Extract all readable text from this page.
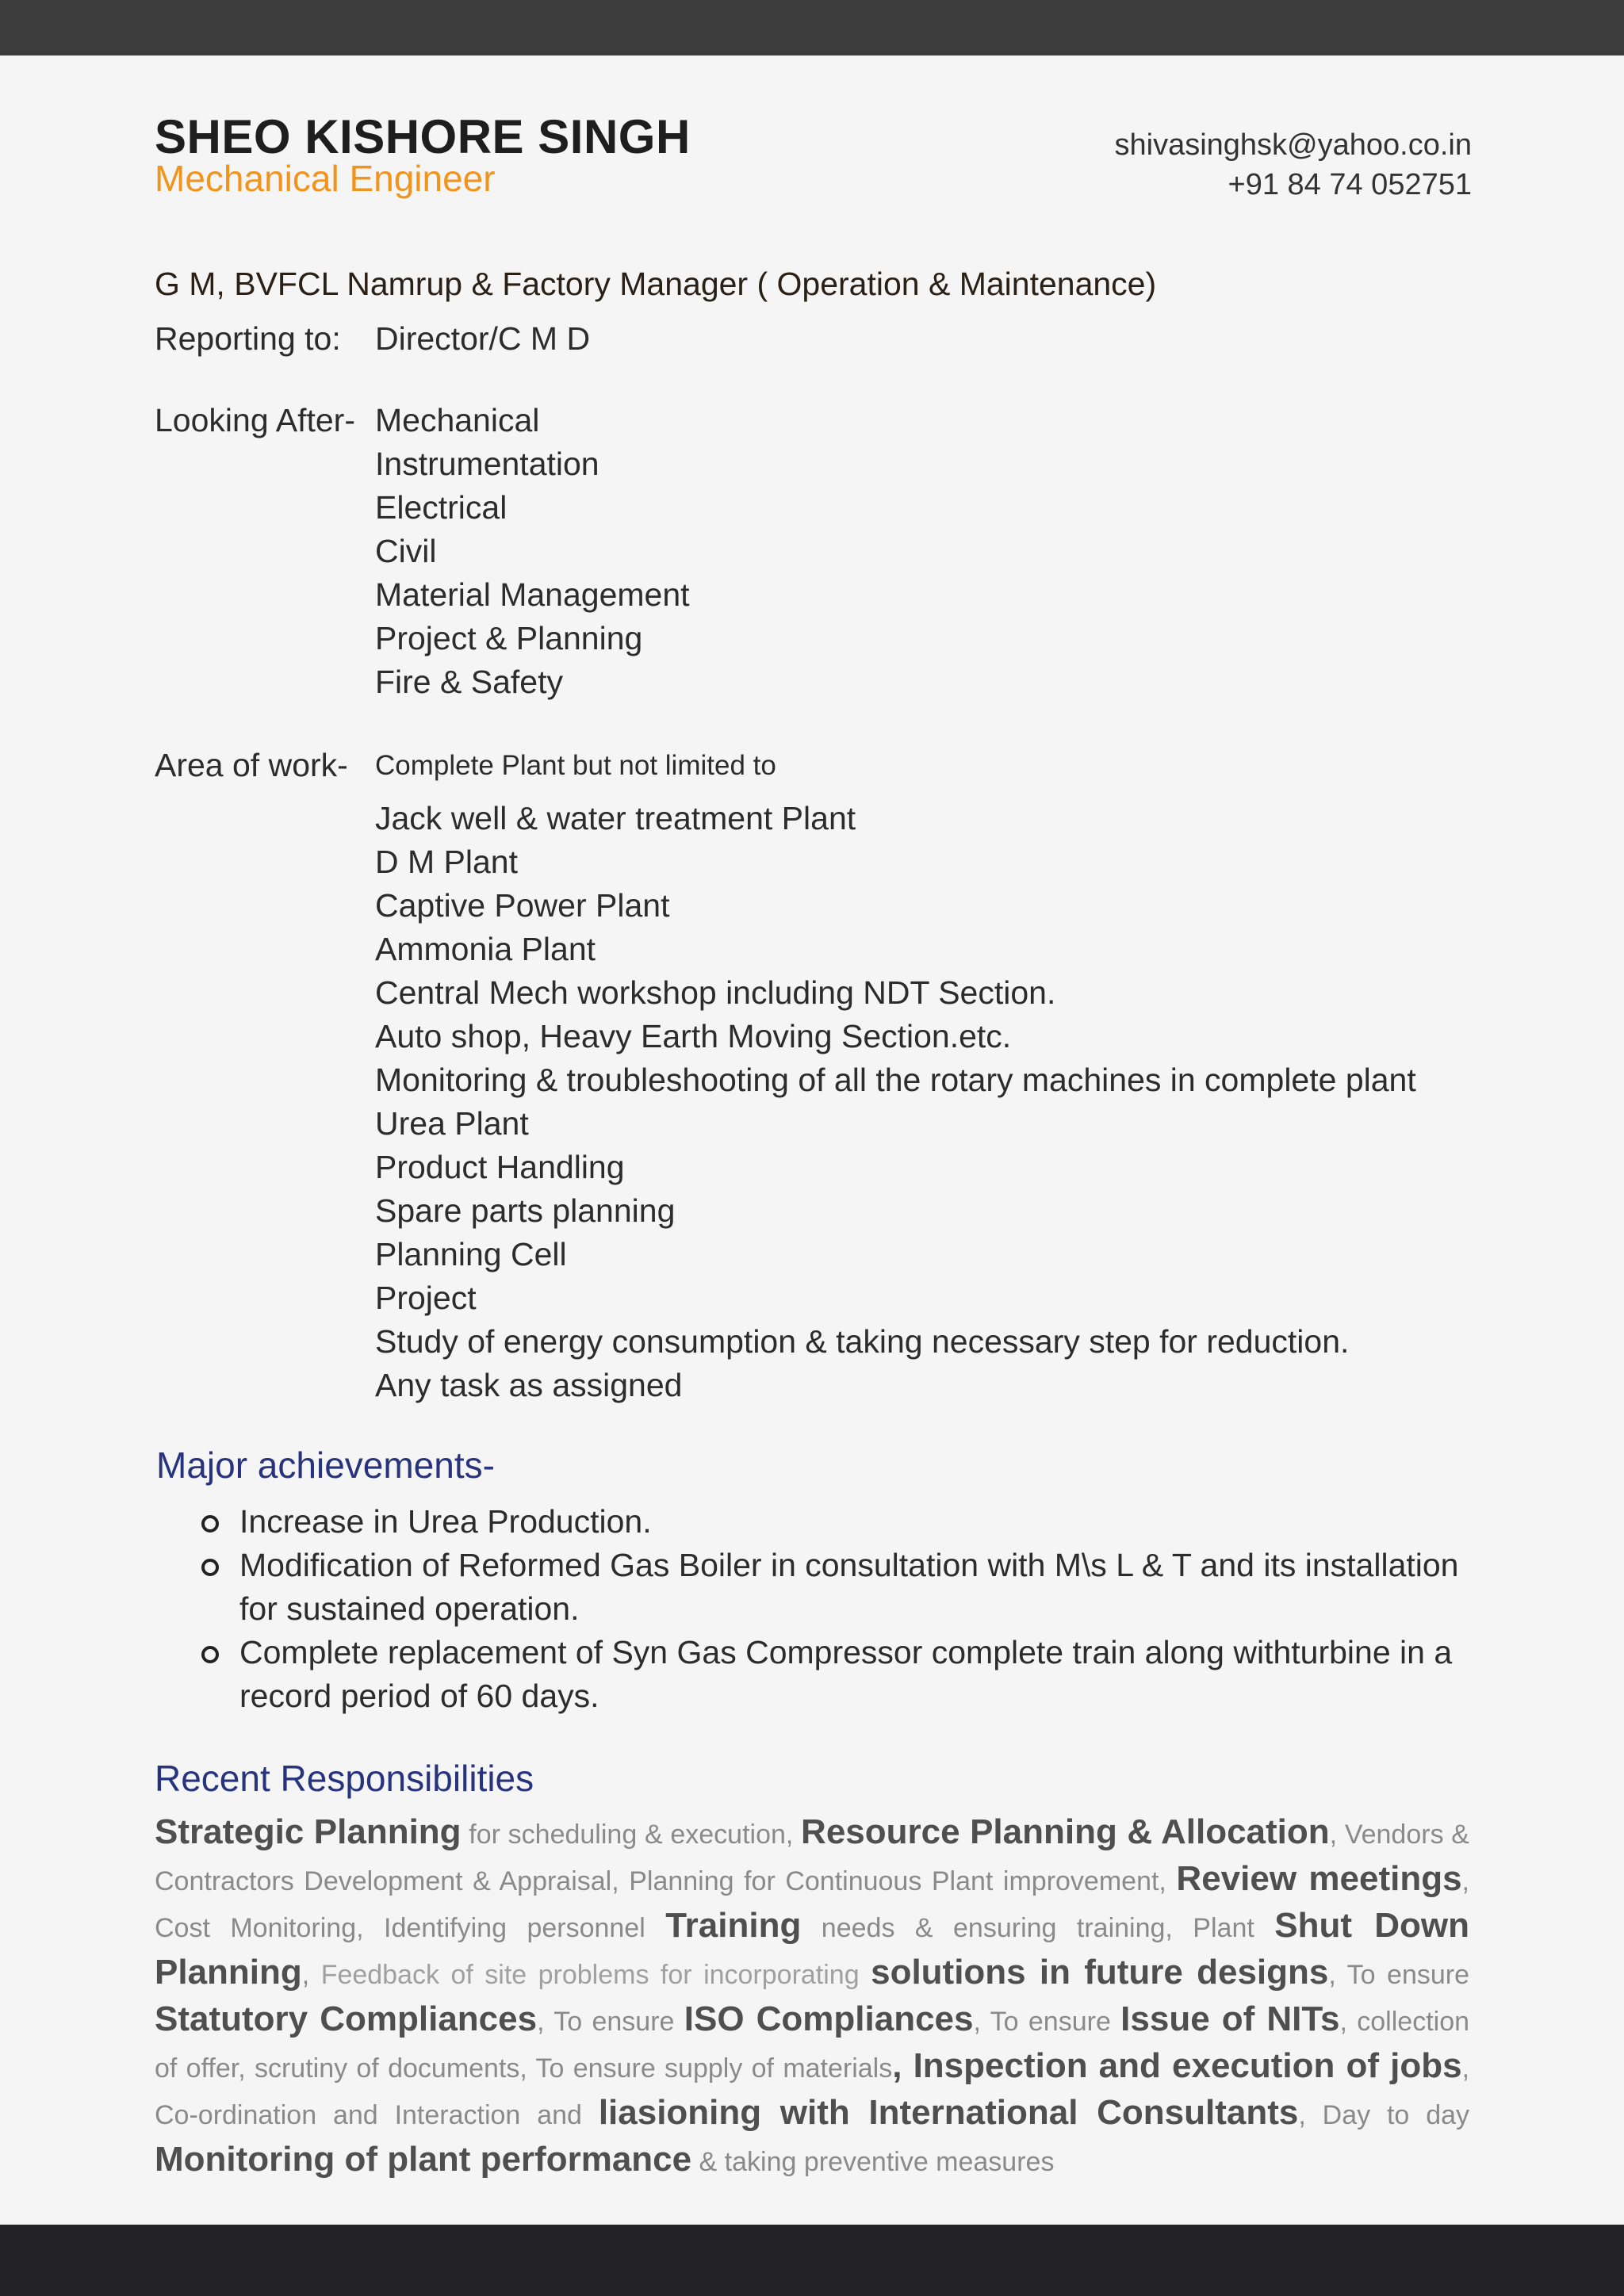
SHEO KISHORE SINGH
Mechanical Engineer
shivasinghsk@yahoo.co.in
+91 84 74 052751
G M, BVFCL Namrup & Factory Manager ( Operation & Maintenance)
Reporting to: Director/C M D
Looking After- Mechanical
Instrumentation
Electrical
Civil
Material Management
Project & Planning
Fire & Safety
Area of work- Complete Plant but not limited to
Jack well & water treatment Plant
D M Plant
Captive Power Plant
Ammonia Plant
Central Mech workshop including NDT Section.
Auto shop, Heavy Earth Moving Section.etc.
Monitoring & troubleshooting of all the rotary machines in complete plant
Urea Plant
Product Handling
Spare parts planning
Planning Cell
Project
Study of energy consumption & taking necessary step for reduction.
Any task as assigned
Major achievements-
Increase in Urea Production.
Modification of Reformed Gas Boiler in consultation with M\s L & T and its installation
for sustained operation.
Complete replacement of Syn Gas Compressor complete train along withturbine in a
record period of 60 days.
Recent Responsibilities
Strategic Planning for scheduling & execution, Resource Planning & Allocation, Vendors & Contractors Development & Appraisal, Planning for Continuous Plant improvement, Review meetings, Cost Monitoring, Identifying personnel Training needs & ensuring training, Plant Shut Down Planning, Feedback of site problems for incorporating solutions in future designs, To ensure Statutory Compliances, To ensure ISO Compliances, To ensure Issue of NITs, collection of offer, scrutiny of documents, To ensure supply of materials, Inspection and execution of jobs, Co-ordination and Interaction and liasioning with International Consultants, Day to day Monitoring of plant performance & taking preventive measures
